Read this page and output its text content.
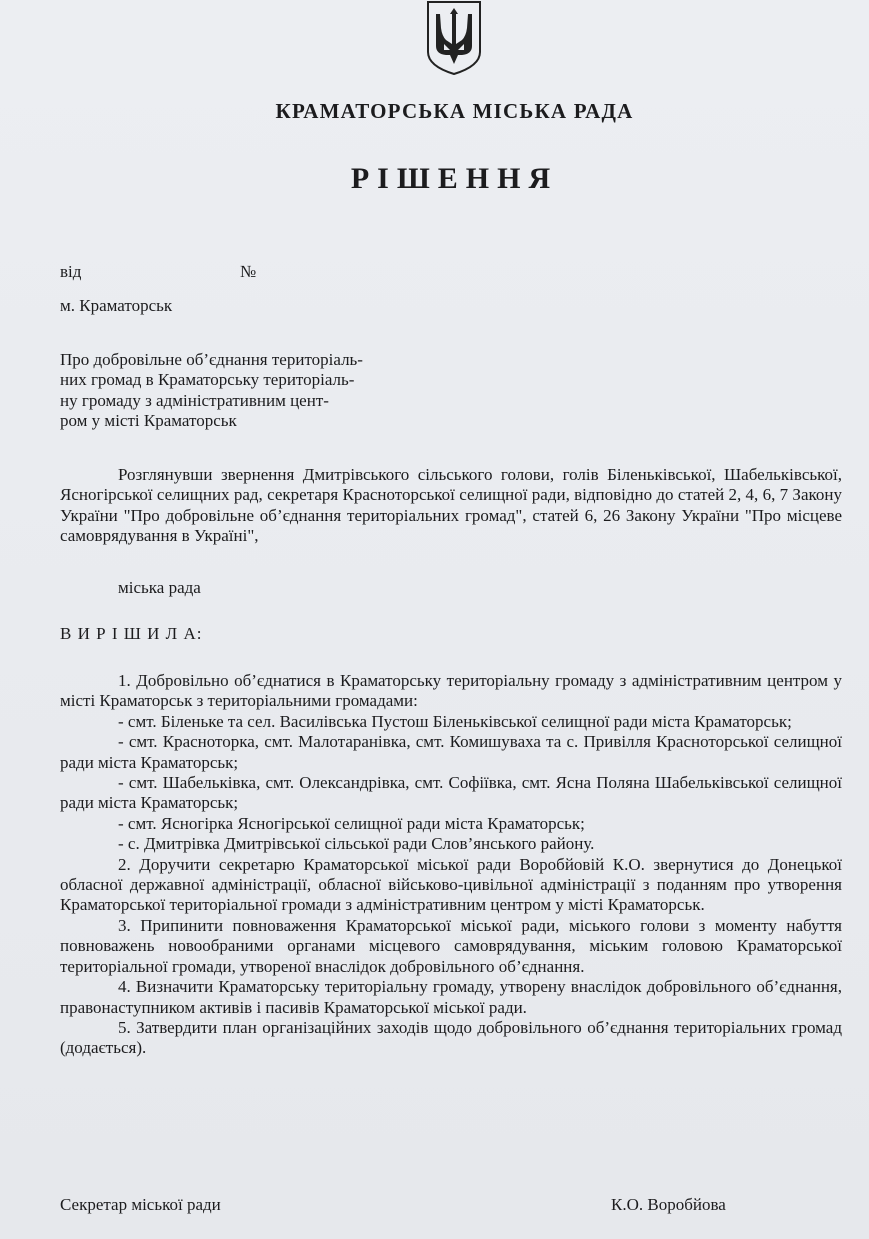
КРАМАТОРСЬКА МІСЬКА РАДА
РІШЕННЯ
від	№
м. Краматорськ
Про добровільне об’єднання територіаль-
них громад в Краматорську територіаль-
ну громаду з адміністративним цент-
ром у місті Краматорськ

Розглянувши звернення Дмитрівського сільського голови, голів Біленьківської, Шабельківської, Ясногірської селищних рад, секретаря Красноторської селищної ради, відповідно до статей 2, 4, 6, 7 Закону України "Про добровільне об’єднання територіальних громад", статей 6, 26 Закону України "Про місцеве самоврядування в Україні",

міська рада
В И Р І Ш И Л А:

1. Добровільно об’єднатися в Краматорську територіальну громаду з адміністративним центром у місті Краматорськ з територіальними громадами:

- смт. Біленьке та сел. Василівська Пустош Біленьківської селищної ради міста Краматорськ;

- смт. Красноторка, смт. Малотаранівка, смт. Комишуваха та с. Привілля Красноторської селищної ради міста Краматорськ;

- смт. Шабельківка, смт. Олександрівка, смт. Софіївка, смт. Ясна Поляна Шабельківської селищної ради міста Краматорськ;

- смт. Ясногірка Ясногірської селищної ради міста Краматорськ;

- с. Дмитрівка Дмитрівської сільської ради Слов’янського району.

2. Доручити секретарю Краматорської міської ради Воробйовій К.О. звернутися до Донецької обласної державної адміністрації, обласної військово-цивільної адміністрації з поданням про утворення Краматорської територіальної громади з адміністративним центром у місті Краматорськ.

3. Припинити повноваження Краматорської міської ради, міського голови з моменту набуття повноважень новообраними органами місцевого самоврядування, міським головою Краматорської територіальної громади, утвореної внаслідок добровільного об’єднання.

4. Визначити Краматорську територіальну громаду, утворену внаслідок добровільного об’єднання, правонаступником активів і пасивів Краматорської міської ради.

5. Затвердити план організаційних заходів щодо добровільного об’єднання територіальних громад (додається).

Секретар міської ради	К.О. Воробйова
